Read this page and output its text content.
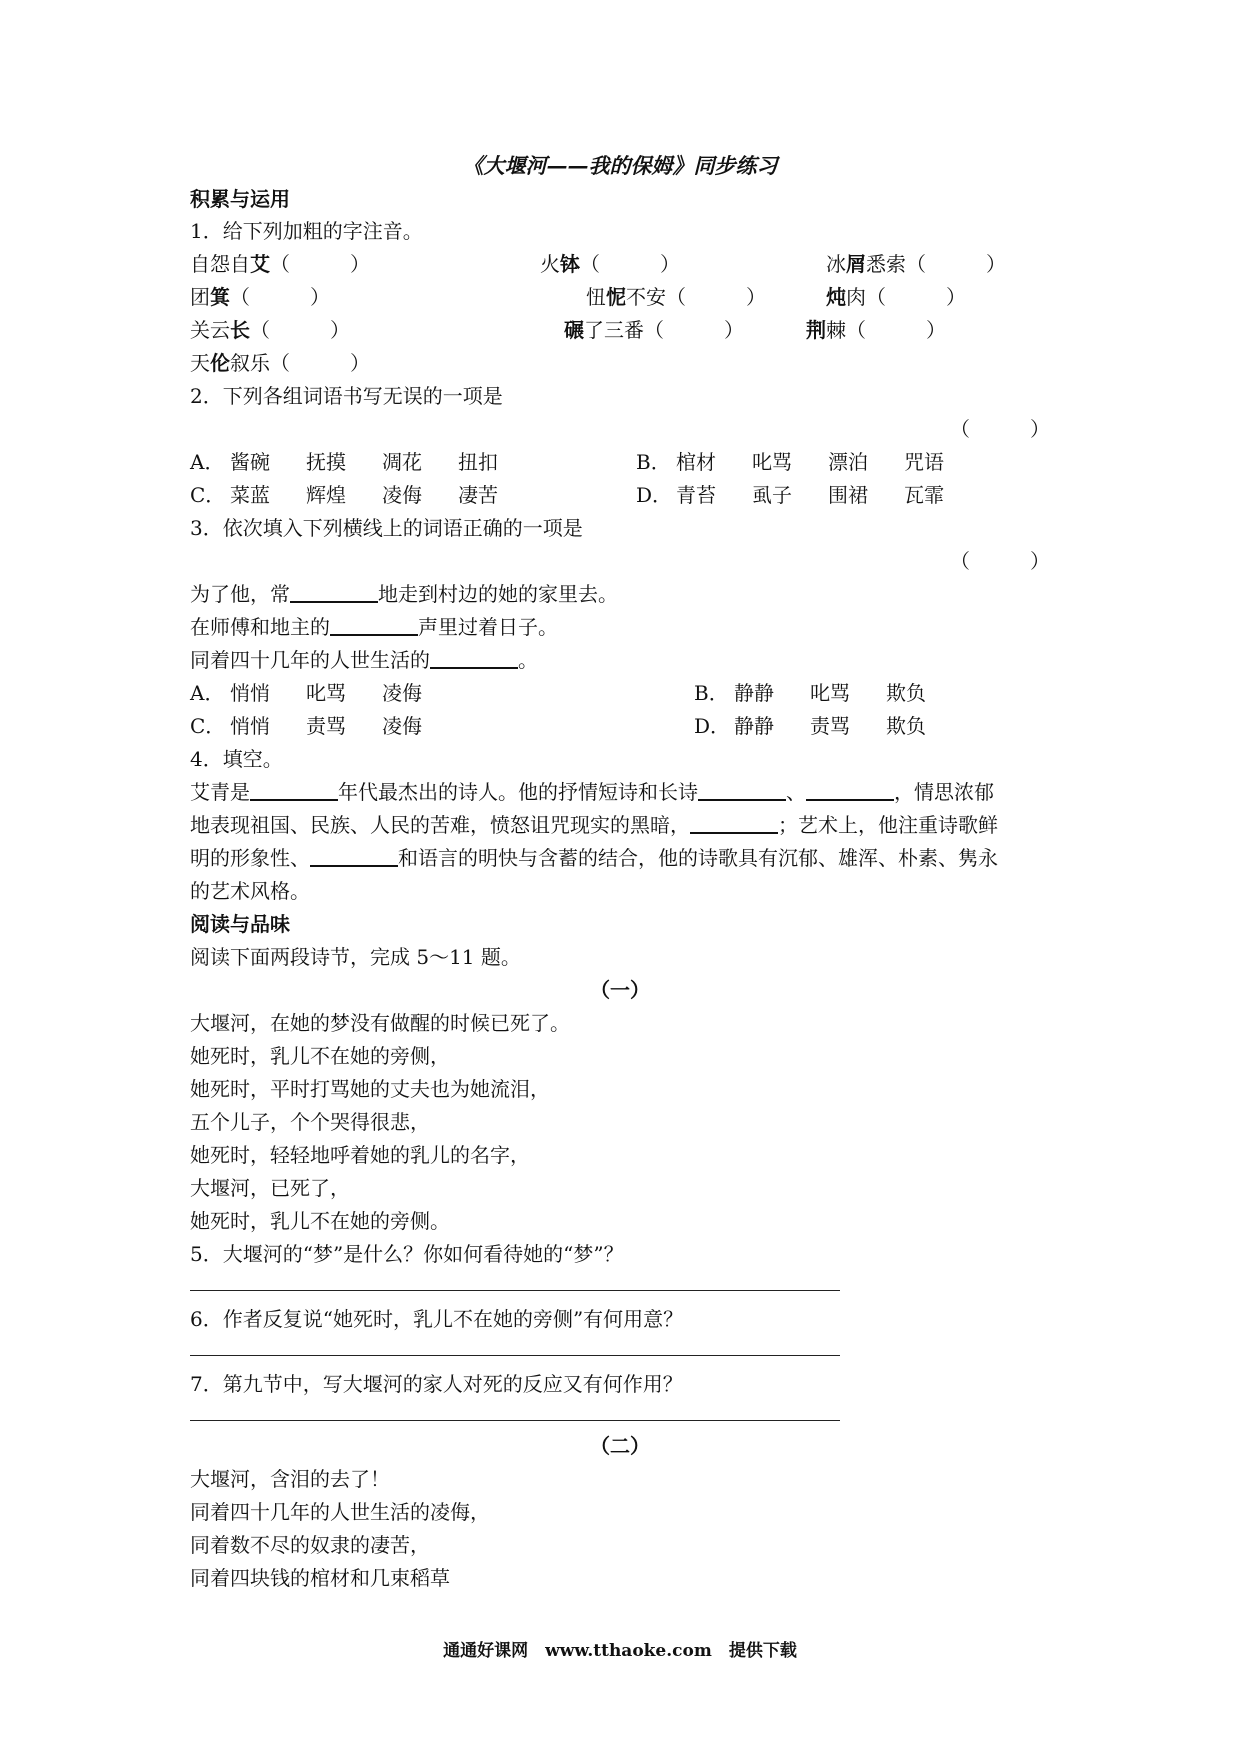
《大堰河——我的保姆》同步练习
积累与运用
1．给下列加粗的字注音。
自怨自艾（　　　）	火钵（　　　）	冰屑悉索（　　　）
团箕（　　　）	忸怩不安（　　　）	炖肉（　　　）
关云长（　　　）	碾了三番（　　　）	荆棘（　　　）
天伦叙乐（　　　）
2．下列各组词语书写无误的一项是
（　　　）
A． 酱碗 抚摸 凋花 扭扣	B． 棺材 叱骂 漂泊 咒语
C． 菜蓝 辉煌 凌侮 凄苦	D． 青苔 虱子 围裙 瓦霏
3．依次填入下列横线上的词语正确的一项是
（　　　）
为了他，常	地走到村边的她的家里去。
在师傅和地主的	声里过着日子。
同着四十几年的人世生活的	。
A． 悄悄 叱骂 凌侮	B． 静静 叱骂 欺负
C． 悄悄 责骂 凌侮	D． 静静 责骂 欺负
4．填空。
艾青是	年代最杰出的诗人。他的抒情短诗和长诗	、	，情思浓郁
地表现祖国、民族、人民的苦难，愤怒诅咒现实的黑暗，	；艺术上，他注重诗歌鲜
明的形象性、	和语言的明快与含蓄的结合，他的诗歌具有沉郁、雄浑、朴素、隽永
的艺术风格。
阅读与品味
阅读下面两段诗节，完成 5～11 题。
（一）
大堰河，在她的梦没有做醒的时候已死了。
她死时，乳儿不在她的旁侧，
她死时，平时打骂她的丈夫也为她流泪，
五个儿子，个个哭得很悲，
她死时，轻轻地呼着她的乳儿的名字，
大堰河，已死了，
她死时，乳儿不在她的旁侧。
5．大堰河的“梦”是什么？你如何看待她的“梦”？
6．作者反复说“她死时，乳儿不在她的旁侧”有何用意？
7．第九节中，写大堰河的家人对死的反应又有何作用？
（二）
大堰河，含泪的去了！
同着四十几年的人世生活的凌侮，
同着数不尽的奴隶的凄苦，
同着四块钱的棺材和几束稻草
通通好课网　www.tthaoke.com　提供下载
